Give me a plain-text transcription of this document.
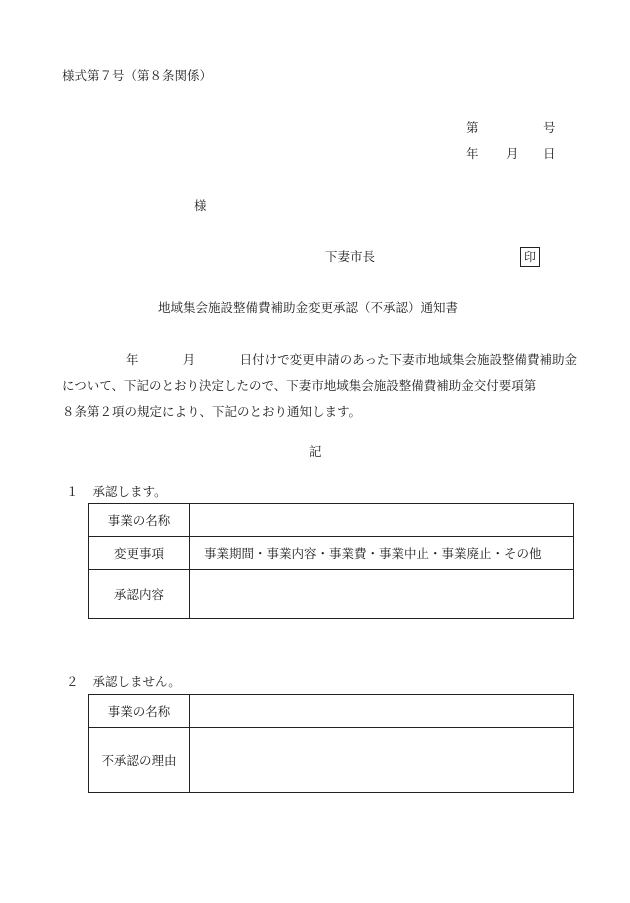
様式第７号（第８条関係）
第	号
年 月 日
様
下妻市長	印
地域集会施設整備費補助金変更承認（不承認）通知書
年	月	日付けで変更申請のあった下妻市地域集会施設整備費補助金
について、下記のとおり決定したので、下妻市地域集会施設整備費補助金交付要項第
８条第２項の規定により、下記のとおり通知します。
記
１ 承認します。
事業の名称	
変更事項	事業期間・事業内容・事業費・事業中止・事業廃止・その他
承認内容	
２ 承認しません。
事業の名称	
不承認の理由	
